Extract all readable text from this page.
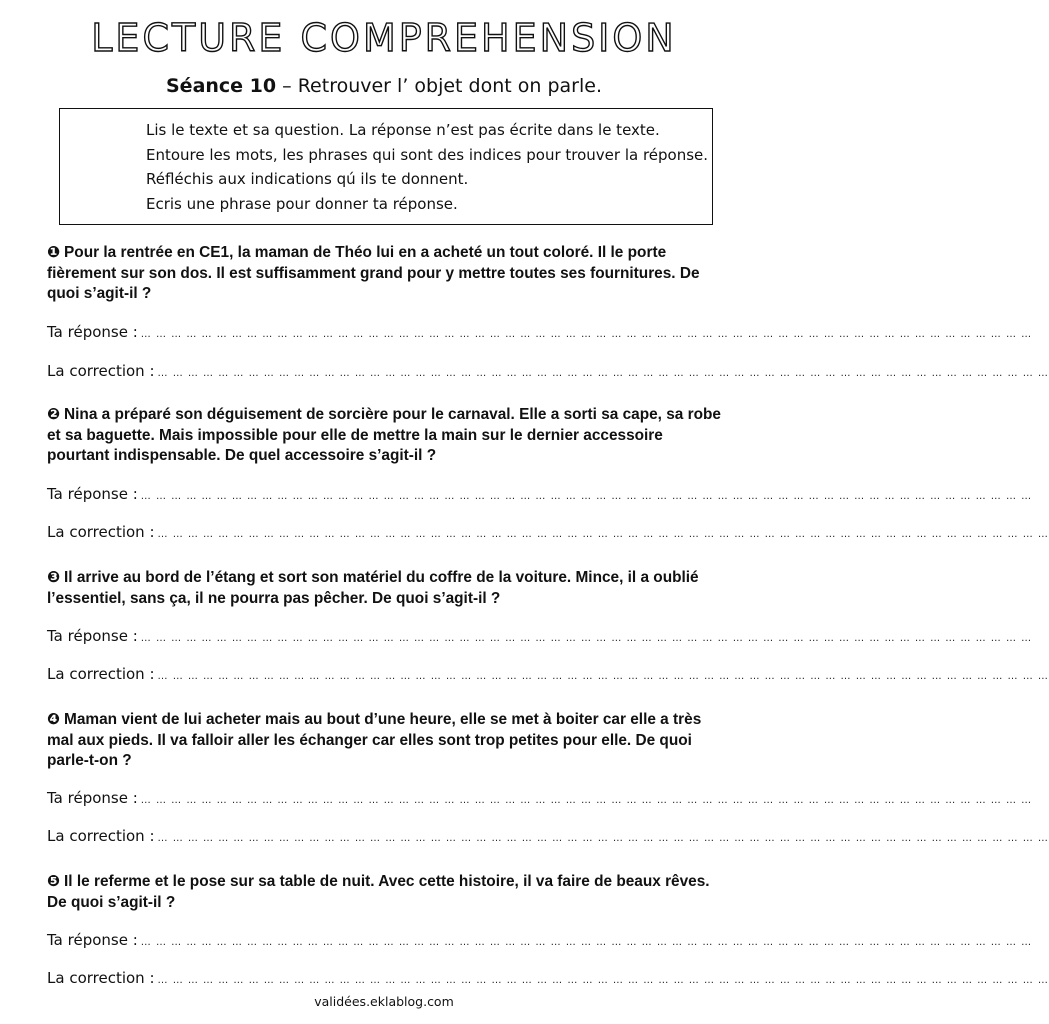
LECTURE COMPREHENSION
Séance 10 – Retrouver l’ objet dont on parle.
Lis le texte et sa question. La réponse n’est pas écrite dans le texte.
Entoure les mots, les phrases qui sont des indices pour trouver la réponse.
Réfléchis aux indications qú ils te donnent.
Ecris une phrase pour donner ta réponse.
❶ Pour la rentrée en CE1, la maman de Théo lui en a acheté un tout coloré. Il le porte fièrement sur son dos. Il est suffisamment grand pour y mettre toutes ses fournitures. De quoi s’agit-il ?
Ta réponse : … … … … … … … … … … … … … … … … … … … … … … … … … … … … … … … … … … … … … … … … … … … … … … … … … … … … … … … … … … …
La correction : … … … … … … … … … … … … … … … … … … … … … … … … … … … … … … … … … … … … … … … … … … … … … … … … … … … … … … … … … … …
❷ Nina a préparé son déguisement de sorcière pour le carnaval. Elle a sorti sa cape, sa robe et sa baguette. Mais impossible pour elle de mettre la main sur le dernier accessoire pourtant indispensable. De quel accessoire s’agit-il ?
Ta réponse : … … … … … … … … … … … … … … … … … … … … … … … … … … … … … … … … … … … … … … … … … … … … … … … … … … … … … … … … … … …
La correction : … … … … … … … … … … … … … … … … … … … … … … … … … … … … … … … … … … … … … … … … … … … … … … … … … … … … … … … … … … …
❸ Il arrive au bord de l’étang et sort son matériel du coffre de la voiture. Mince, il a oublié l’essentiel, sans ça, il ne pourra pas pêcher. De quoi s’agit-il ?
Ta réponse : … … … … … … … … … … … … … … … … … … … … … … … … … … … … … … … … … … … … … … … … … … … … … … … … … … … … … … … … … … …
La correction : … … … … … … … … … … … … … … … … … … … … … … … … … … … … … … … … … … … … … … … … … … … … … … … … … … … … … … … … … … …
❹ Maman vient de lui acheter mais au bout d’une heure, elle se met à boiter car elle a très mal aux pieds. Il va falloir aller les échanger car elles sont trop petites pour elle. De quoi parle-t-on ?
Ta réponse : … … … … … … … … … … … … … … … … … … … … … … … … … … … … … … … … … … … … … … … … … … … … … … … … … … … … … … … … … … …
La correction : … … … … … … … … … … … … … … … … … … … … … … … … … … … … … … … … … … … … … … … … … … … … … … … … … … … … … … … … … … …
❺ Il le referme et le pose sur sa table de nuit. Avec cette histoire, il va faire de beaux rêves. De quoi s’agit-il ?
Ta réponse : … … … … … … … … … … … … … … … … … … … … … … … … … … … … … … … … … … … … … … … … … … … … … … … … … … … … … … … … … … …
La correction : … … … … … … … … … … … … … … … … … … … … … … … … … … … … … … … … … … … … … … … … … … … … … … … … … … … … … … … … … … …
validées.eklablog.com
